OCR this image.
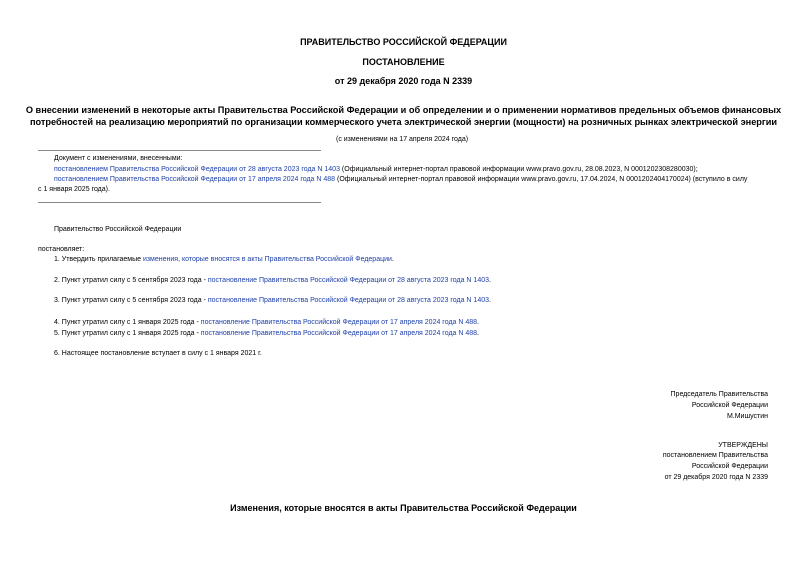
ПРАВИТЕЛЬСТВО РОССИЙСКОЙ ФЕДЕРАЦИИ
ПОСТАНОВЛЕНИЕ
от 29 декабря 2020 года N 2339
О внесении изменений в некоторые акты Правительства Российской Федерации и об определении и о применении нормативов предельных объемов финансовых потребностей на реализацию мероприятий по организации коммерческого учета электрической энергии (мощности) на розничных рынках электрической энергии
(с изменениями на 17 апреля 2024 года)
Документ с изменениями, внесенными:
постановлением Правительства Российской Федерации от 28 августа 2023 года N 1403 (Официальный интернет-портал правовой информации www.pravo.gov.ru, 28.08.2023, N 0001202308280030);
постановлением Правительства Российской Федерации от 17 апреля 2024 года N 488 (Официальный интернет-портал правовой информации www.pravo.gov.ru, 17.04.2024, N 0001202404170024) (вступило в силу
с 1 января 2025 года).
Правительство Российской Федерации
постановляет:
1. Утвердить прилагаемые изменения, которые вносятся в акты Правительства Российской Федерации.
2. Пункт утратил силу с 5 сентября 2023 года - постановление Правительства Российской Федерации от 28 августа 2023 года N 1403.
3. Пункт утратил силу с 5 сентября 2023 года - постановление Правительства Российской Федерации от 28 августа 2023 года N 1403.
4. Пункт утратил силу с 1 января 2025 года - постановление Правительства Российской Федерации от 17 апреля 2024 года N 488.
5. Пункт утратил силу с 1 января 2025 года - постановление Правительства Российской Федерации от 17 апреля 2024 года N 488.
6. Настоящее постановление вступает в силу с 1 января 2021 г.
Председатель Правительства
Российской Федерации
М.Мишустин
УТВЕРЖДЕНЫ
постановлением Правительства
Российской Федерации
от 29 декабря 2020 года N 2339
Изменения, которые вносятся в акты Правительства Российской Федерации
